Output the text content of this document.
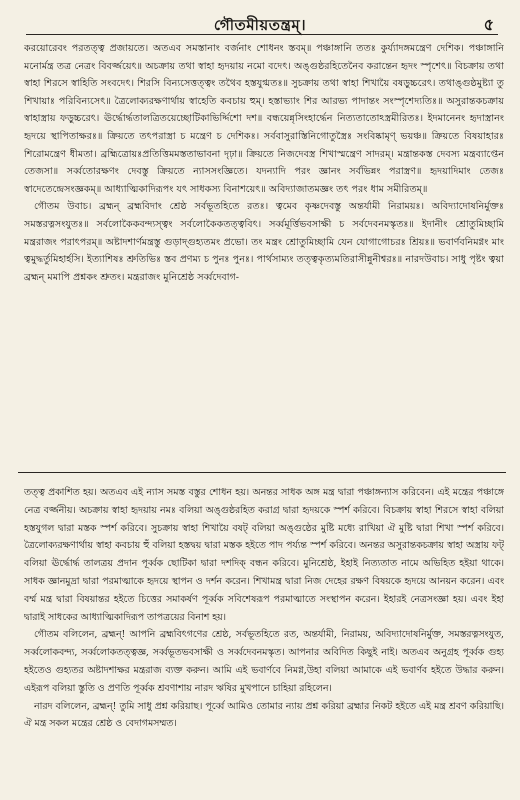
গৌতমীয়তন্ত্রম্।	৫

করয়োরেবং পরতত্ত্ব প্রজায়তে। অতএব সমস্তানাং বর্জনাং শোধনং স্তবম্॥ পঞ্চাঙ্গানি ততঃ কুর্য্যাদঙ্গমন্ত্রেণ দেশিক। পঞ্চাঙ্গানি মনোর্মন্ত্র তত্র নেত্রং বিবর্জ্জয়েৎ॥ অচক্রায় তথা স্বাহা হৃদয়ায় নমো বদেৎ। অঙ্গুষ্ঠরহিতেনৈব করান্তেন হৃদং স্পৃশেৎ॥ বিচক্রায় তথা স্বাহা শিরসে স্বাহিতি সংবদেৎ। শিরসি বিন্যসেত্তত্ত্বং তথৈব হস্তযুগ্মতঃ॥ সুচক্রায় তথা স্বাহা শিখায়ৈ বষড়ুচ্চরেৎ। তথাঙ্গুষ্ঠমুষ্ট্যা তু শিখায়াঃ পরিবিন্যসেৎ॥ ত্রৈলোক্যরক্ষণার্থায় স্বাহেতি কবচায় হুম্। হস্তাভ্যাং শির আরভ্য পাদান্তং সংস্পৃশেদ্যতিঃ॥ অসুরান্তকচক্রায় স্বাহাস্ত্রায় ফড়ুচ্চরেৎ। ঊর্দ্ধোর্দ্ধতালত্রিতয়েচ্ছোটিকাভির্দ্দিশো দশ॥ বন্ধয়েন্নৃসিংহার্দ্ধেন নিত্যতাতোঽস্ত্রমীরিতঃ। ইদমানেনং হৃদাস্ত্রানং হৃদয়ে স্থাপিতাক্ষরঃ॥ ক্রিয়তে তৎপরাস্ত্রা চ মন্ত্রেণ চ দেশিকঃ। সর্ববাসুরাস্তিনিগোতুস্ত্রৈঃ সংবিষ্কামৃণ্ ভয়ঞ্চ॥ ক্রিয়তে বিষয়াহারঃ শিরোমন্ত্রেণ ধীমতা। ব্রহ্মিত্রোয়ঃপ্রতিত্তিমমস্ততাভাবনা দৃঢ়া॥ ক্রিয়তে নিজদেবস্ত্র শিখাস্মন্ত্রেণ সাদরম্। মন্ত্রান্তকস্ত দেবস্য মন্ত্রব্যাপ্তেন তেজসা॥ সর্ব্বতোরক্ষণং দেবস্তু ক্রিয়তে ন্যাসসংজ্ঞিতে। যদন্যাদি পরং জ্ঞানং সর্বভিন্নং পরাস্ত্রণ॥ হৃদয়াদিমাং তেজঃ স্বাদেতেন্দ্রেসংজ্ঞকম্॥ আধ্যাত্মিকাদিরূপং যৎ সাধকস্য বিনাশয়েৎ॥ অবিদ্যাজাতমজ্ঞং তৎ পরং ধাম সমীরিতম্॥

গৌতম উবাচ। ব্রহ্মন্ ব্রহ্মবিদাং শ্রেষ্ঠ সর্বভূতহিতে রতঃ। ত্বমেব কৃষ্ণদেবস্তু অন্তর্যামী নিরাময়ঃ। অবিদ্যাদোষনির্মুক্তঃ সমস্তরত্নসংযুতঃ॥ সর্বলোকৈকবন্দ্যস্ত্বং সর্বলোকৈকতত্ত্ববিৎ। সর্ব্বমূর্ত্তিভবসাক্ষী চ সর্বদেবনমস্কৃতঃ॥ ইদানীং শ্রোতুমিচ্ছামি মন্ত্ররাজং পরাৎপরম্॥ অষ্টাদশার্ণমন্ত্রস্তু গুড়াদ্গুহ্যতমং প্রভো। তং মন্ত্রং শ্রোতুমিচ্ছামি যেন যোগাগোচরঃ শ্রিয়ঃ॥ ভবার্ণবনিমগ্নং মাং ত্বমুদ্ধর্তুমিহার্হসি। ইত্যাশিষঃ শ্রুতিভিঃ স্তব প্রণম্য চ পুনঃ পুনঃ। পার্থসাম্যং তত্ত্বকৃত্যমতিরাসীন্নুনীশ্বরঃ॥ নারদউবাচ। সাধু পৃষ্টং ত্বয়া ব্রহ্মন্ মমাপি প্রশ্নকং শ্রুতং। মন্ত্ররাজং মুনিশ্রেষ্ঠ সর্ব্বদেবাগ-

তত্ত্ব প্রকাশিত হয়। অতএব এই ন্যাস সমস্ত বস্তুর শোধন হয়। অনন্তর সাধক অঙ্গ মন্ত্র দ্বারা পঞ্চাঙ্গন্যাস করিবেন। এই মন্ত্রের পঞ্চাঙ্গে নেত্র বর্জ্জনীয়। অচক্রায় স্বাহা হৃদয়ায় নমঃ বলিয়া অঙ্গুষ্ঠরহিত করাগ্র দ্বারা হৃদয়কে স্পর্শ করিবে। বিচক্রায় স্বাহা শিরসে স্বাহা বলিয়া হস্তযুগল দ্বারা মস্তক স্পর্শ করিবে। সুচক্রায় স্বাহা শিখায়ৈ বষট্‌ বলিয়া অঙ্গুষ্ঠের মুষ্টি মধ্যে রাখিয়া ঐ মুষ্টি দ্বারা শিখা স্পর্শ করিবে। ত্রৈলোক্যরক্ষণার্থায় স্বাহা কবচায় হুঁ বলিয়া হস্তদ্বয় দ্বারা মস্তক হইতে পাদ পর্য্যন্ত স্পর্শ করিবে। অনন্তর অসুরান্তকচক্রায় স্বাহা অস্ত্রায় ফট্‌ বলিয়া ঊর্দ্ধোর্দ্ধ তালত্রয় প্রদান পূর্ব্বক ছোটিকা দ্বারা দশদিক্‌ বন্ধন করিবে। মুনিশ্রেষ্ঠ, ইহাই নিত্যতাত নামে অভিহিত হইয়া থাকে। সাধক জ্ঞানমুদ্রা দ্বারা পরমাত্মাকে হৃদয়ে স্থাপন ও দর্শন করেন। শিখামন্ত্র দ্বারা নিজ দেহের রক্ষণ বিষয়কে হৃদয়ে আনয়ন করেন। এবং বর্ম্ম মন্ত্র দ্বারা বিষয়ান্তর হইতে চিত্তের সমাকর্ষণ পূর্ব্বক সবিশেষরূপ পরমাত্মাতে সংস্থাপন করেন। ইহারই নেত্রসংজ্ঞা হয়। এবং ইহা দ্বারাই সাধকের আধ্যাত্মিকাদিরূপ তাপত্রয়ের বিনাশ হয়।

গৌতম বলিলেন, ব্রহ্মন্! আপনি ব্রহ্মবিৎগণের শ্রেষ্ঠ, সর্বভূতহিতে রত, অন্তর্যামী, নিরাময়, অবিদ্যাদোষনির্মুক্ত, সমস্তরত্নসংযুত, সর্ব্বলোকবন্দ্য, সর্ব্বলোকতত্ত্বজ্ঞ, সর্ব্বভূতভবসাক্ষী ও সর্ব্বদেবনমস্কৃত। আপনার অবিদিত কিছুই নাই। অতএব অনুগ্রহ পূর্ব্বক গুহ্য হইতেও গুহ্যতর অষ্টাদশাক্ষর মন্ত্ররাজ ব্যক্ত করুন। আমি এই ভবার্ণবে নিমগ্ন,উহা বলিয়া আমাকে এই ভবার্ণব হইতে উদ্ধার করুন। এইরূপ বলিয়া স্তুতি ও প্রণতি পূর্ব্বক শ্রবণাশায় নারদ ঋষির মুখপানে চাহিয়া রহিলেন।

নারদ বলিলেন, ব্রহ্মন্! তুমি সাধু প্রশ্ন করিয়াছ। পূর্ব্বে আমিও তোমার ন্যায় প্রশ্ন করিয়া ব্রহ্মার নিকট হইতে এই মন্ত্র শ্রবণ করিয়াছি। ঐ মন্ত্র সকল মন্ত্রের শ্রেষ্ঠ ও বেদাগমসম্মত।
